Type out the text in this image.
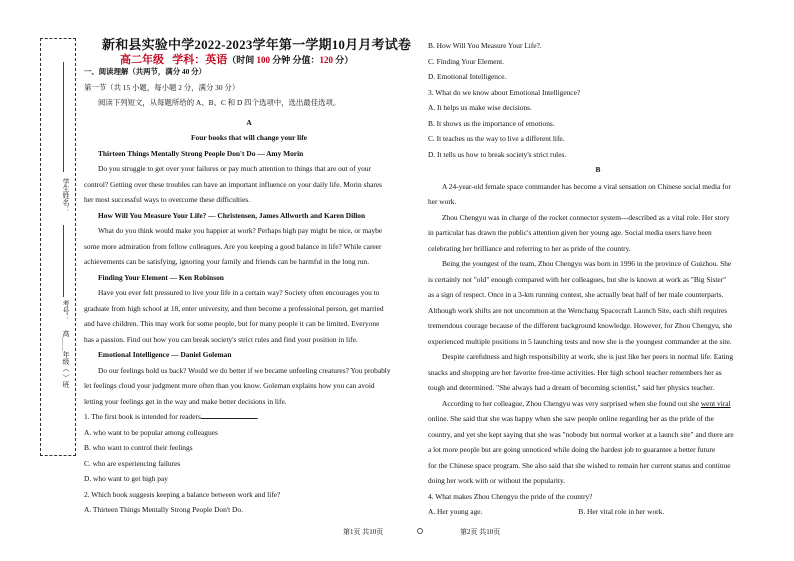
学生姓名：
考号：
高＿＿年级（ ）班
新和县实验中学2022-2023学年第一学期10月月考试卷
高二年级 学科：英语（时间 100 分钟 分值：120 分）

一、阅读理解（共两节，满分 40 分）

第一节（共 15 小题，每小题 2 分，满分 30 分）

阅读下列短文，从每题所给的 A、B、C 和 D 四个选项中，选出最佳选项。

A

Four books that will change your life

Thirteen Things Mentally Strong People Don't Do — Amy Morin

Do you struggle to get over your failures or pay much attention to things that are out of your

control? Getting over these troubles can have an important influence on your daily life. Morin shares

her most successful ways to overcome these difficulties.

How Will You Measure Your Life? — Christensen, James Allworth and Karen Dillon

What do you think would make you happier at work? Perhaps high pay might be nice, or maybe

some more admiration from fellow colleagues. Are you keeping a good balance in life? While career

achievements can be satisfying, ignoring your family and friends can be harmful in the long run.

Finding Your Element — Ken Robinson

Have you ever felt pressured to live your life in a certain way? Society often encourages you to

graduate from high school at 18, enter university, and then become a professional person, get married

and have children. This may work for some people, but for many people it can be limited. Everyone

has a passion. Find out how you can break society's strict rules and find your position in life.

Emotional Intelligence — Daniel Goleman

Do our feelings hold us back? Would we do better if we became unfeeling creatures? You probably

let feelings cloud your judgment more often than you know. Goleman explains how you can avoid

letting your feelings get in the way and make better decisions in life.

1. The first book is intended for readers	.

A. who want to be popular among colleagues

B. who want to control their feelings

C. who are experiencing failures

D. who want to get high pay

2. Which book suggests keeping a balance between work and life?

A. Thirteen Things Mentally Strong People Don't Do.

B. How Will You Measure Your Life?.

C. Finding Your Element.

D. Emotional Intelligence.

3. What do we know about Emotional Intelligence?

A. It helps us make wise decisions.

B. It shows us the importance of emotions.

C. It teaches us the way to live a different life.

D. It tells us how to break society's strict rules.

B

A 24-year-old female space commander has become a viral sensation on Chinese social media for

her work.

Zhou Chengyu was in charge of the rocket connector system---described as a vital role. Her story

in particular has drawn the public's attention given her young age. Social media users have been

celebrating her brilliance and referring to her as pride of the country.

Being the youngest of the team, Zhou Chengyu was born in 1996 in the province of Guizhou. She

is certainly not "old" enough compared with her colleagues, but she is known at work as "Big Sister"

as a sign of respect. Once in a 3-km running contest, she actually beat half of her male counterparts.

Although work shifts are not uncommon at the Wenchang Spacecraft Launch Site, each shift requires

tremendous courage because of the different background knowledge. However, for Zhou Chengyu, she

experienced multiple positions in 5 launching tests and now she is the youngest commander at the site.

Despite carefulness and high responsibility at work, she is just like her peers in normal life. Eating

snacks and shopping are her favorite free-time activities. Her high school teacher remembers her as

tough and determined. "She always had a dream of becoming scientist," said her physics teacher.

According to her colleague, Zhou Chengyu was very surprised when she found out she went viral

online. She said that she was happy when she saw people online regarding her as the pride of the

country, and yet she kept saying that she was "nobody but normal worker at a launch site" and there are

a lot more people but are going unnoticed while doing the hardest job to guarantee a better future

for the Chinese space program. She also said that she wished to remain her current status and continue

doing her work with or without the popularity.

4. What makes Zhou Chengyu the pride of the country?

A. Her young age.	B. Her vital role in her work.

第1页 共10页	第2页 共10页
